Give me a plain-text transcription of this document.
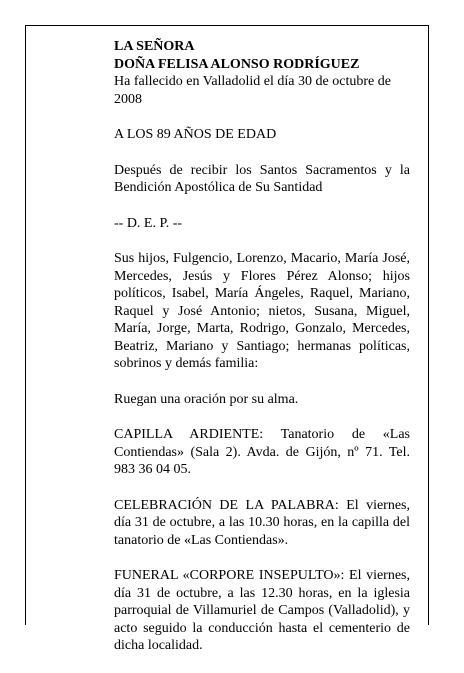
LA SEÑORA
DOÑA FELISA ALONSO RODRÍGUEZ
Ha fallecido en Valladolid el día 30 de octubre de 2008

A LOS 89 AÑOS DE EDAD

Después de recibir los Santos Sacramentos y la Bendición Apostólica de Su Santidad

-- D. E. P. --

Sus hijos, Fulgencio, Lorenzo, Macario, María José, Mercedes, Jesús y Flores Pérez Alonso; hijos políticos, Isabel, María Ángeles, Raquel, Mariano, Raquel y José Antonio; nietos, Susana, Miguel, María, Jorge, Marta, Rodrigo, Gonzalo, Mercedes, Beatriz, Mariano y Santiago; hermanas políticas, sobrinos y demás familia:

Ruegan una oración por su alma.

CAPILLA ARDIENTE: Tanatorio de «Las Contiendas» (Sala 2). Avda. de Gijón, nº 71. Tel. 983 36 04 05.

CELEBRACIÓN DE LA PALABRA: El viernes, día 31 de octubre, a las 10.30 horas, en la capilla del tanatorio de «Las Contiendas».

FUNERAL «CORPORE INSEPULTO»: El viernes, día 31 de octubre, a las 12.30 horas, en la iglesia parroquial de Villamuriel de Campos (Valladolid), y acto seguido la conducción hasta el cementerio de dicha localidad.
